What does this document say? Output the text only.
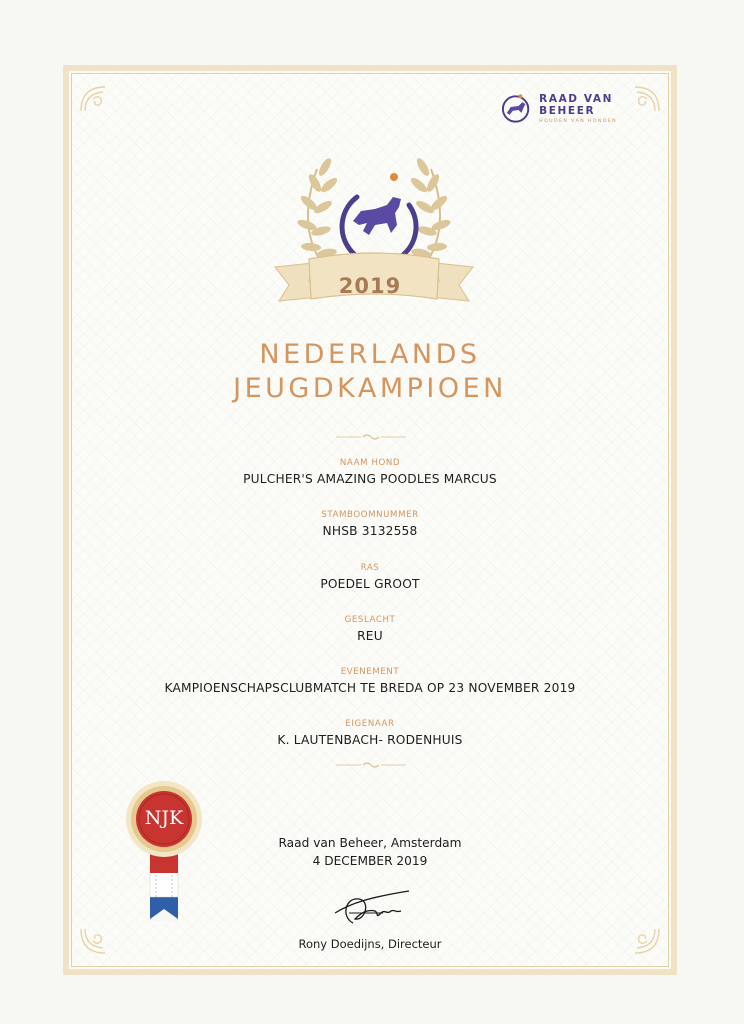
RAAD VAN BEHEER
HOUDEN VAN HONDEN
2019
NEDERLANDS
JEUGDKAMPIOEN
NAAM HOND
PULCHER'S AMAZING POODLES MARCUS
STAMBOOMNUMMER
NHSB 3132558
RAS
POEDEL GROOT
GESLACHT
REU
EVENEMENT
KAMPIOENSCHAPSCLUBMATCH TE BREDA OP 23 NOVEMBER 2019
EIGENAAR
K. LAUTENBACH- RODENHUIS
NJK
Raad van Beheer, Amsterdam
4 DECEMBER 2019
Rony Doedijns, Directeur
